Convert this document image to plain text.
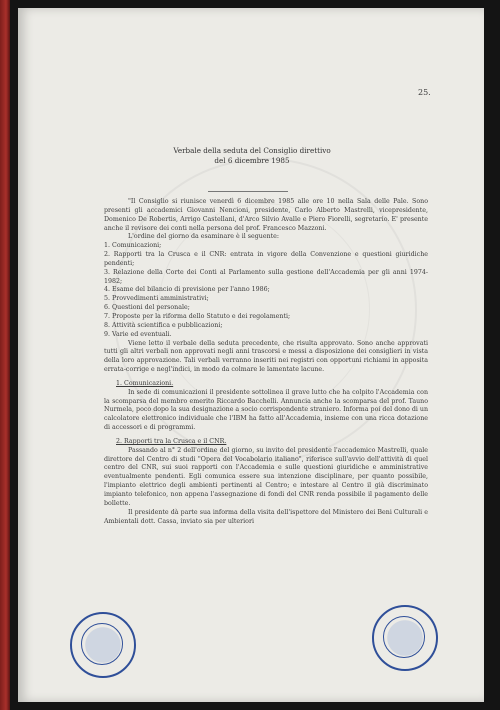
25.
Verbale della seduta del Consiglio direttivo
del 6 dicembre 1985

"Il Consiglio si riunisce venerdì 6 dicembre 1985 alle ore 10 nella Sala delle Pale. Sono presenti gli accademici Giovanni Nencioni, presidente, Carlo Alberto Mastrelli, vicepresidente, Domenico De Robertis, Arrigo Castellani, d'Arco Silvio Avalle e Piero Fiorelli, segretario. E' presente anche il revisore dei conti nella persona del prof. Francesco Mazzoni.

L'ordine del giorno da esaminare è il seguente:

1. Comunicazioni;

2. Rapporti tra la Crusca e il CNR: entrata in vigore della Convenzione e questioni giuridiche pendenti;

3. Relazione della Corte dei Conti al Parlamento sulla gestione dell'Accademia per gli anni 1974-1982;

4. Esame del bilancio di previsione per l'anno 1986;

5. Provvedimenti amministrativi;

6. Questioni del personale;

7. Proposte per la riforma dello Statuto e dei regolamenti;

8. Attività scientifica e pubblicazioni;

9. Varie ed eventuali.

Viene letto il verbale della seduta precedente, che risulta approvato. Sono anche approvati tutti gli altri verbali non approvati negli anni trascorsi e messi a disposizione dei consiglieri in vista della loro approvazione. Tali verbali verranno inseriti nei registri con opportuni richiami in apposita errata-corrige e negl'indici, in modo da colmare le lamentate lacune.

1. Comunicazioni.

In sede di comunicazioni il presidente sottolinea il grave lutto che ha colpito l'Accademia con la scomparsa del membro emerito Riccardo Bacchelli. Annuncia anche la scomparsa del prof. Tauno Nurmela, poco dopo la sua designazione a socio corrispondente straniero. Informa poi del dono di un calcolatore elettronico individuale che l'IBM ha fatto all'Accademia, insieme con una ricca dotazione di accessori e di programmi.

2. Rapporti tra la Crusca e il CNR.

Passando al n° 2 dell'ordine del giorno, su invito del presidente l'accademico Mastrelli, quale direttore del Centro di studi "Opera del Vocabolario italiano", riferisce sull'avvio dell'attività di quel centro del CNR, sui suoi rapporti con l'Accademia e sulle questioni giuridiche e amministrative eventualmente pendenti. Egli comunica essere sua intenzione disciplinare, per quanto possibile, l'impianto elettrico degli ambienti pertinenti al Centro; e intestare al Centro il già discriminato impianto telefonico, non appena l'assegnazione di fondi del CNR renda possibile il pagamento delle bollette.

Il presidente dà parte sua informa della visita dell'ispettore del Ministero dei Beni Culturali e Ambientali dott. Cassa, inviato sia per ulteriori
